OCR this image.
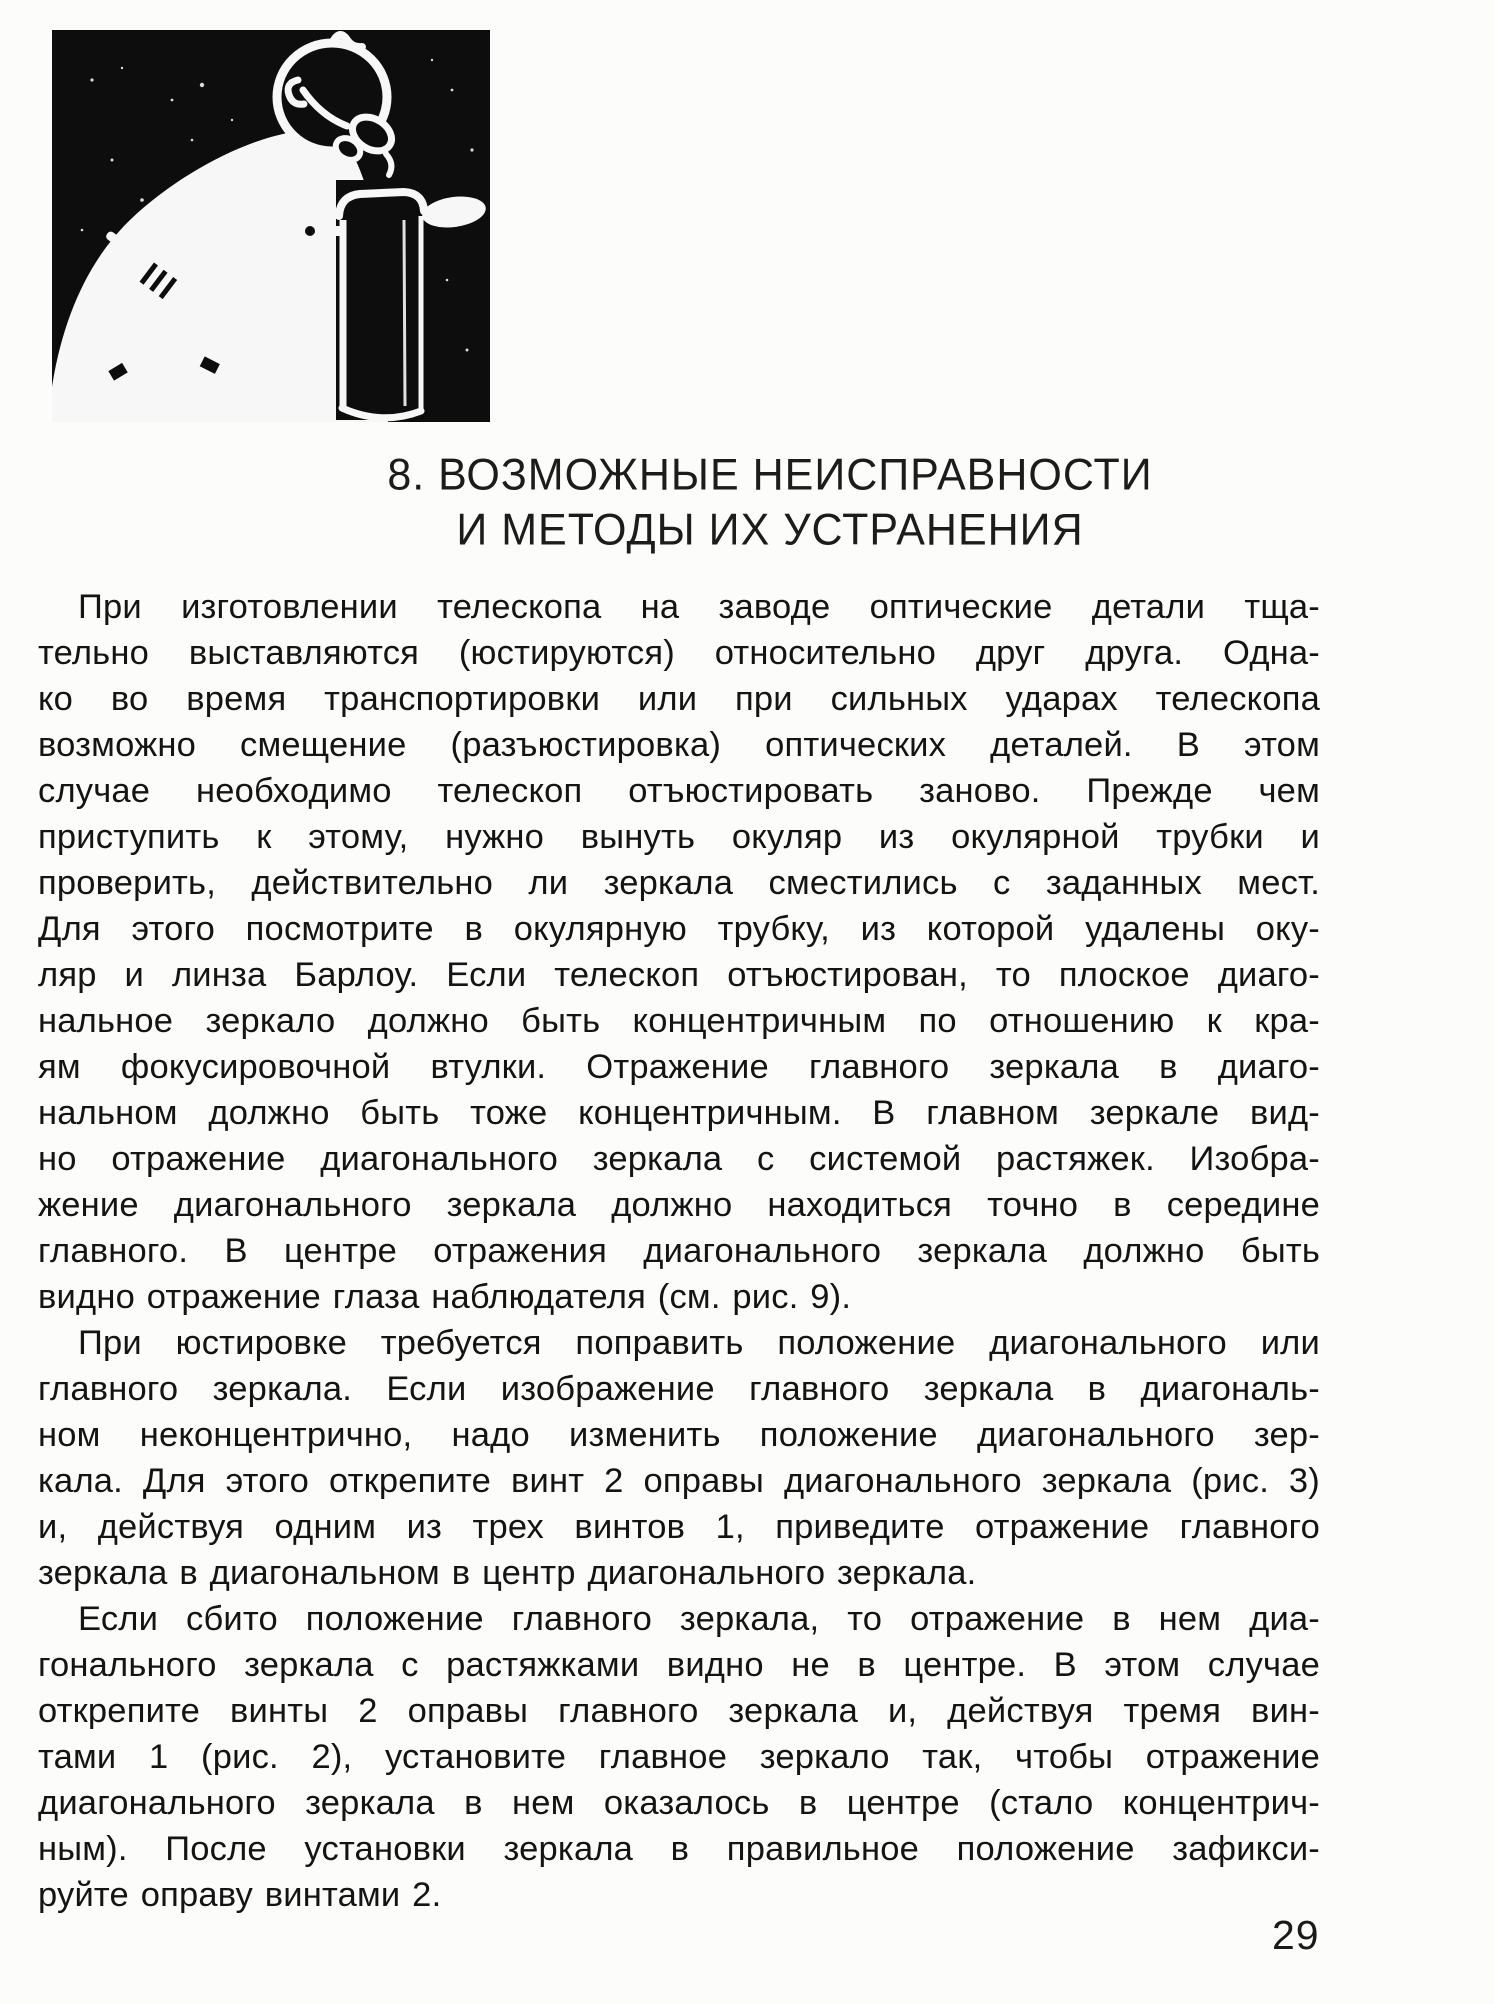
8. ВОЗМОЖНЫЕ НЕИСПРАВНОСТИ
И МЕТОДЫ ИХ УСТРАНЕНИЯ
При изготовлении телескопа на заводе оптические детали тща-
тельно выставляются (юстируются) относительно друг друга. Одна-
ко во время транспортировки или при сильных ударах телескопа
возможно смещение (разъюстировка) оптических деталей. В этом
случае необходимо телескоп отъюстировать заново. Прежде чем
приступить к этому, нужно вынуть окуляр из окулярной трубки и
проверить, действительно ли зеркала сместились с заданных мест.
Для этого посмотрите в окулярную трубку, из которой удалены оку-
ляр и линза Барлоу. Если телескоп отъюстирован, то плоское диаго-
нальное зеркало должно быть концентричным по отношению к кра-
ям фокусировочной втулки. Отражение главного зеркала в диаго-
нальном должно быть тоже концентричным. В главном зеркале вид-
но отражение диагонального зеркала с системой растяжек. Изобра-
жение диагонального зеркала должно находиться точно в середине
главного. В центре отражения диагонального зеркала должно быть
видно отражение глаза наблюдателя (см. рис. 9).
При юстировке требуется поправить положение диагонального или
главного зеркала. Если изображение главного зеркала в диагональ-
ном неконцентрично, надо изменить положение диагонального зер-
кала. Для этого открепите винт 2 оправы диагонального зеркала (рис. 3)
и, действуя одним из трех винтов 1, приведите отражение главного
зеркала в диагональном в центр диагонального зеркала.
Если сбито положение главного зеркала, то отражение в нем диа-
гонального зеркала с растяжками видно не в центре. В этом случае
открепите винты 2 оправы главного зеркала и, действуя тремя вин-
тами 1 (рис. 2), установите главное зеркало так, чтобы отражение
диагонального зеркала в нем оказалось в центре (стало концентрич-
ным). После установки зеркала в правильное положение зафикси-
руйте оправу винтами 2.
29
